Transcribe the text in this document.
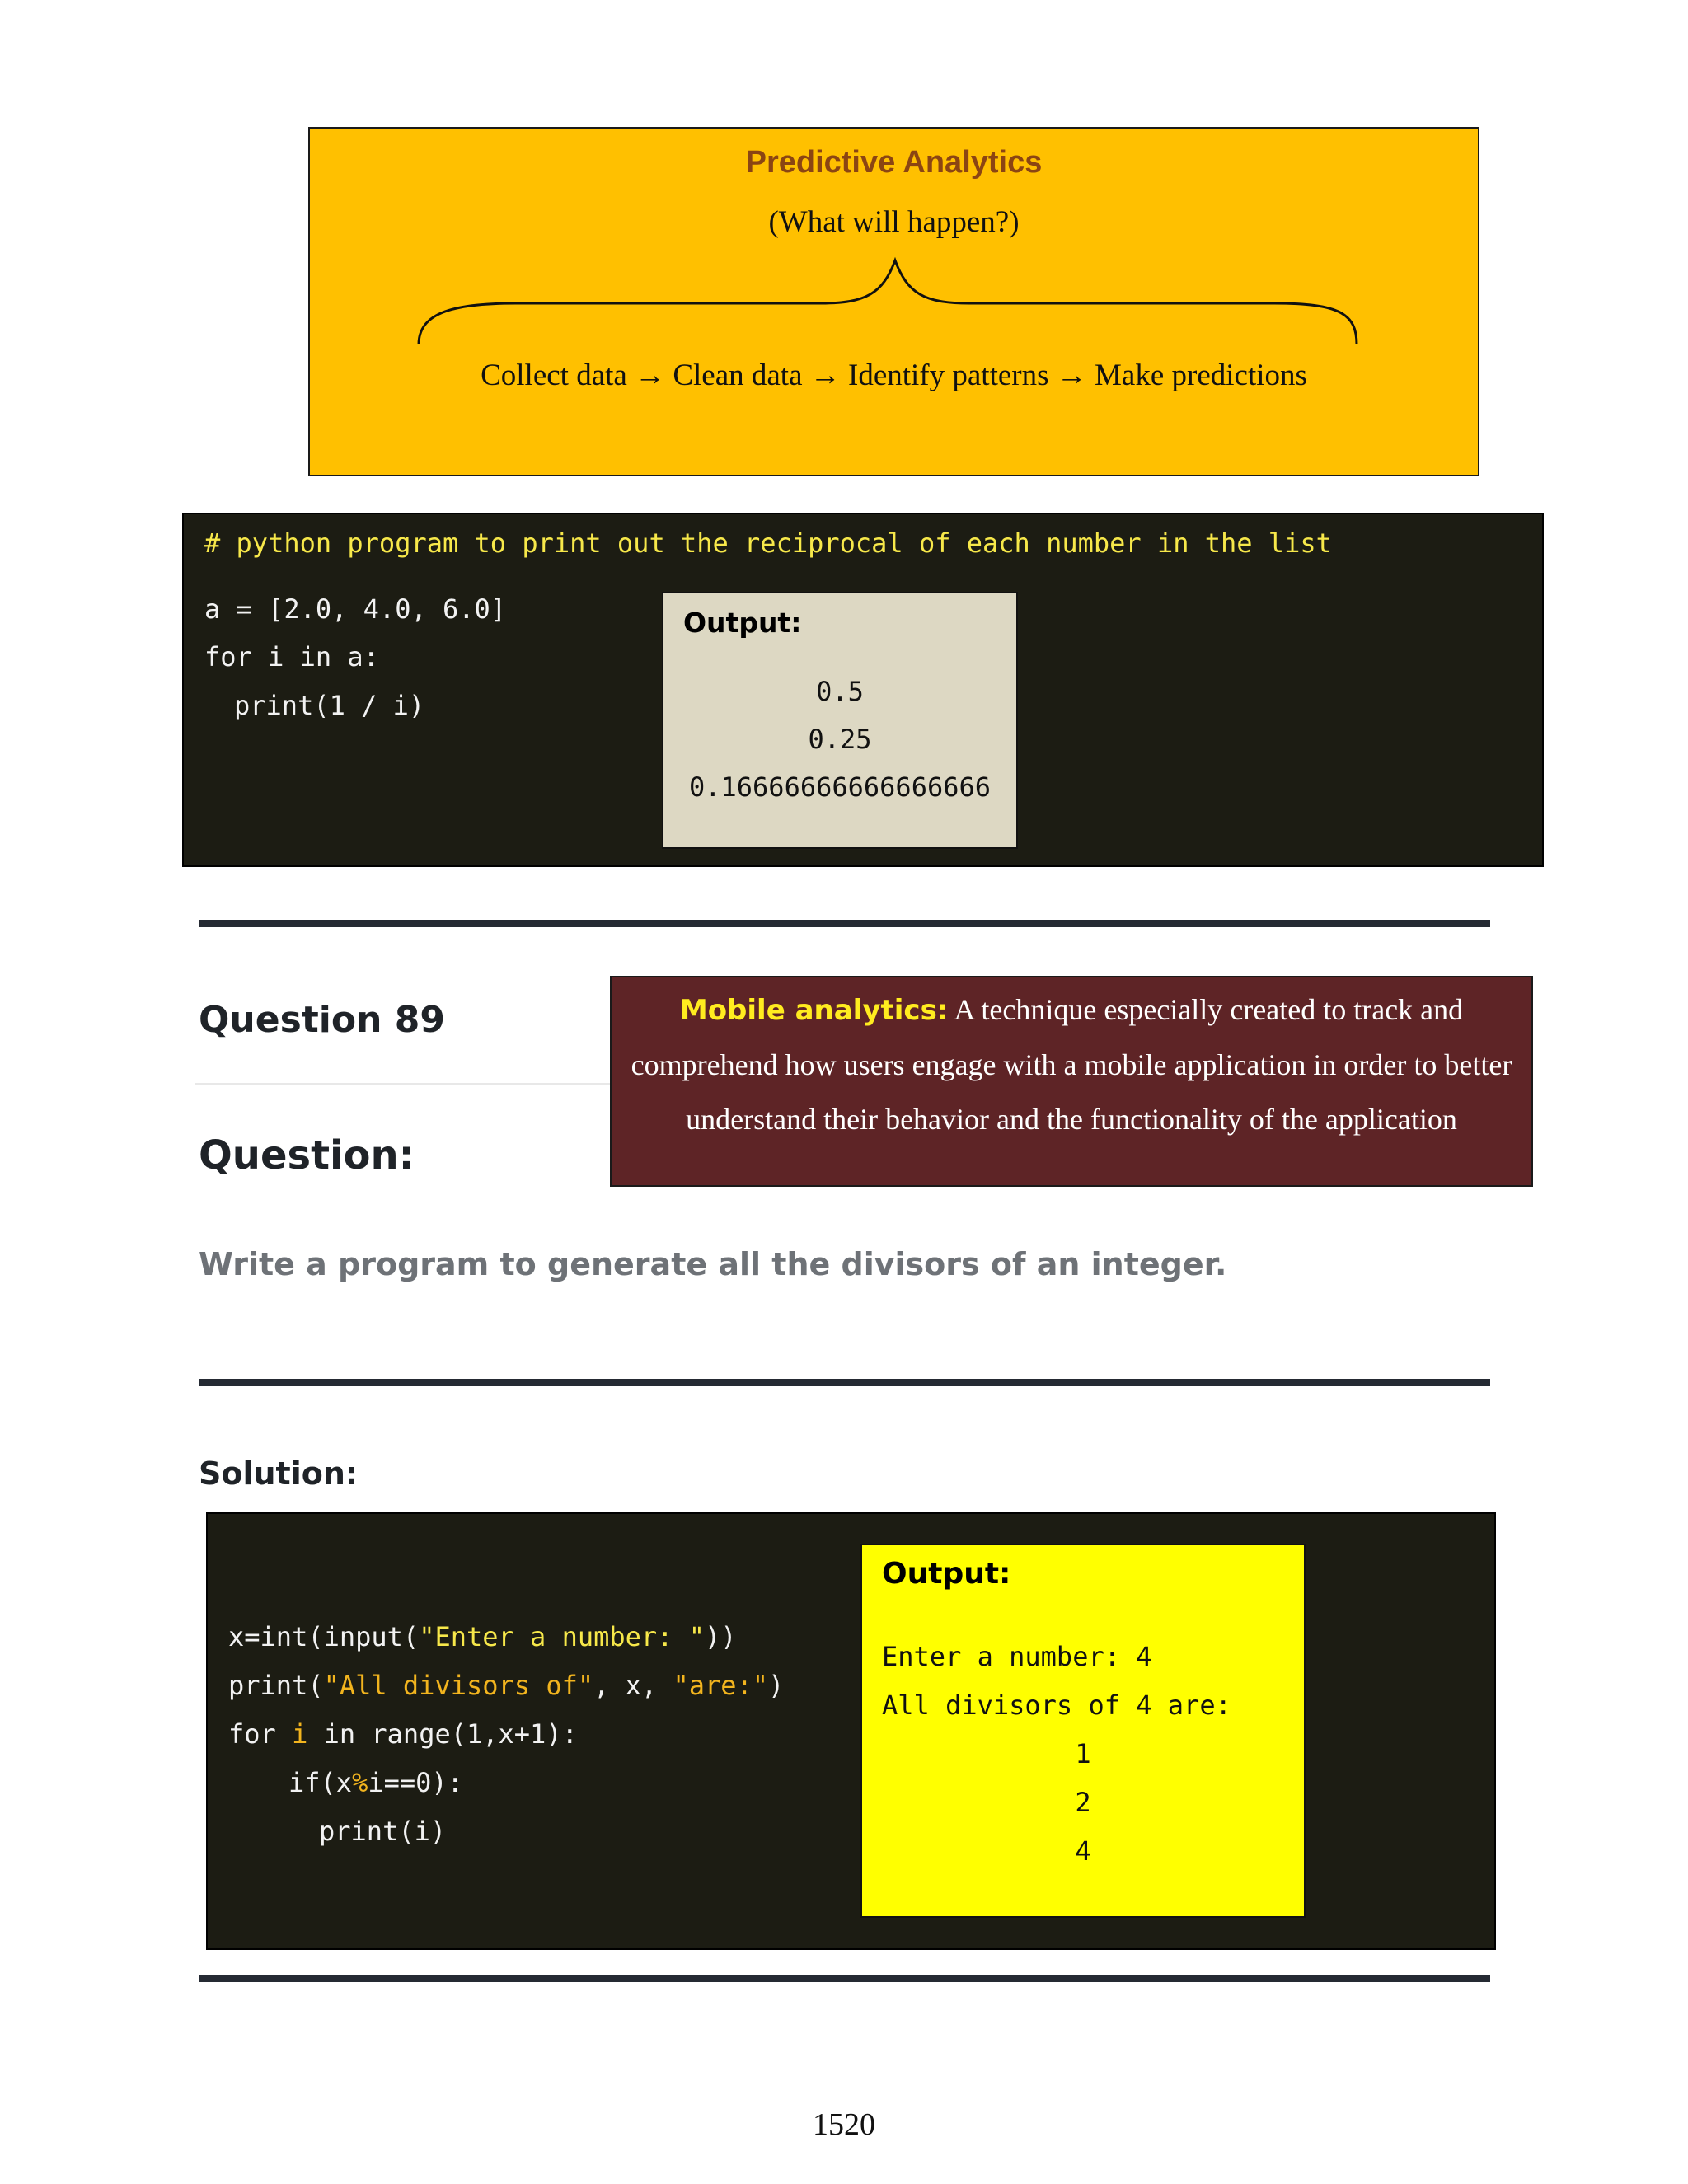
Predictive Analytics
(What will happen?)
Collect data → Clean data → Identify patterns → Make predictions
# python program to print out the reciprocal of each number in the list
a = [2.0, 4.0, 6.0]
for i in a:
print(1 / i)
Output:
0.5
0.25
0.16666666666666666
Question 89
Question:
Mobile analytics: A technique especially created to track and comprehend how users engage with a mobile application in order to better understand their behavior and the functionality of the application
Write a program to generate all the divisors of an integer.
Solution:
x=int(input("Enter a number: "))
print("All divisors of", x, "are:")
for i in range(1,x+1):
if(x%i==0):
print(i)
Output:
Enter a number: 4
All divisors of 4 are:
1
2
4
1520
